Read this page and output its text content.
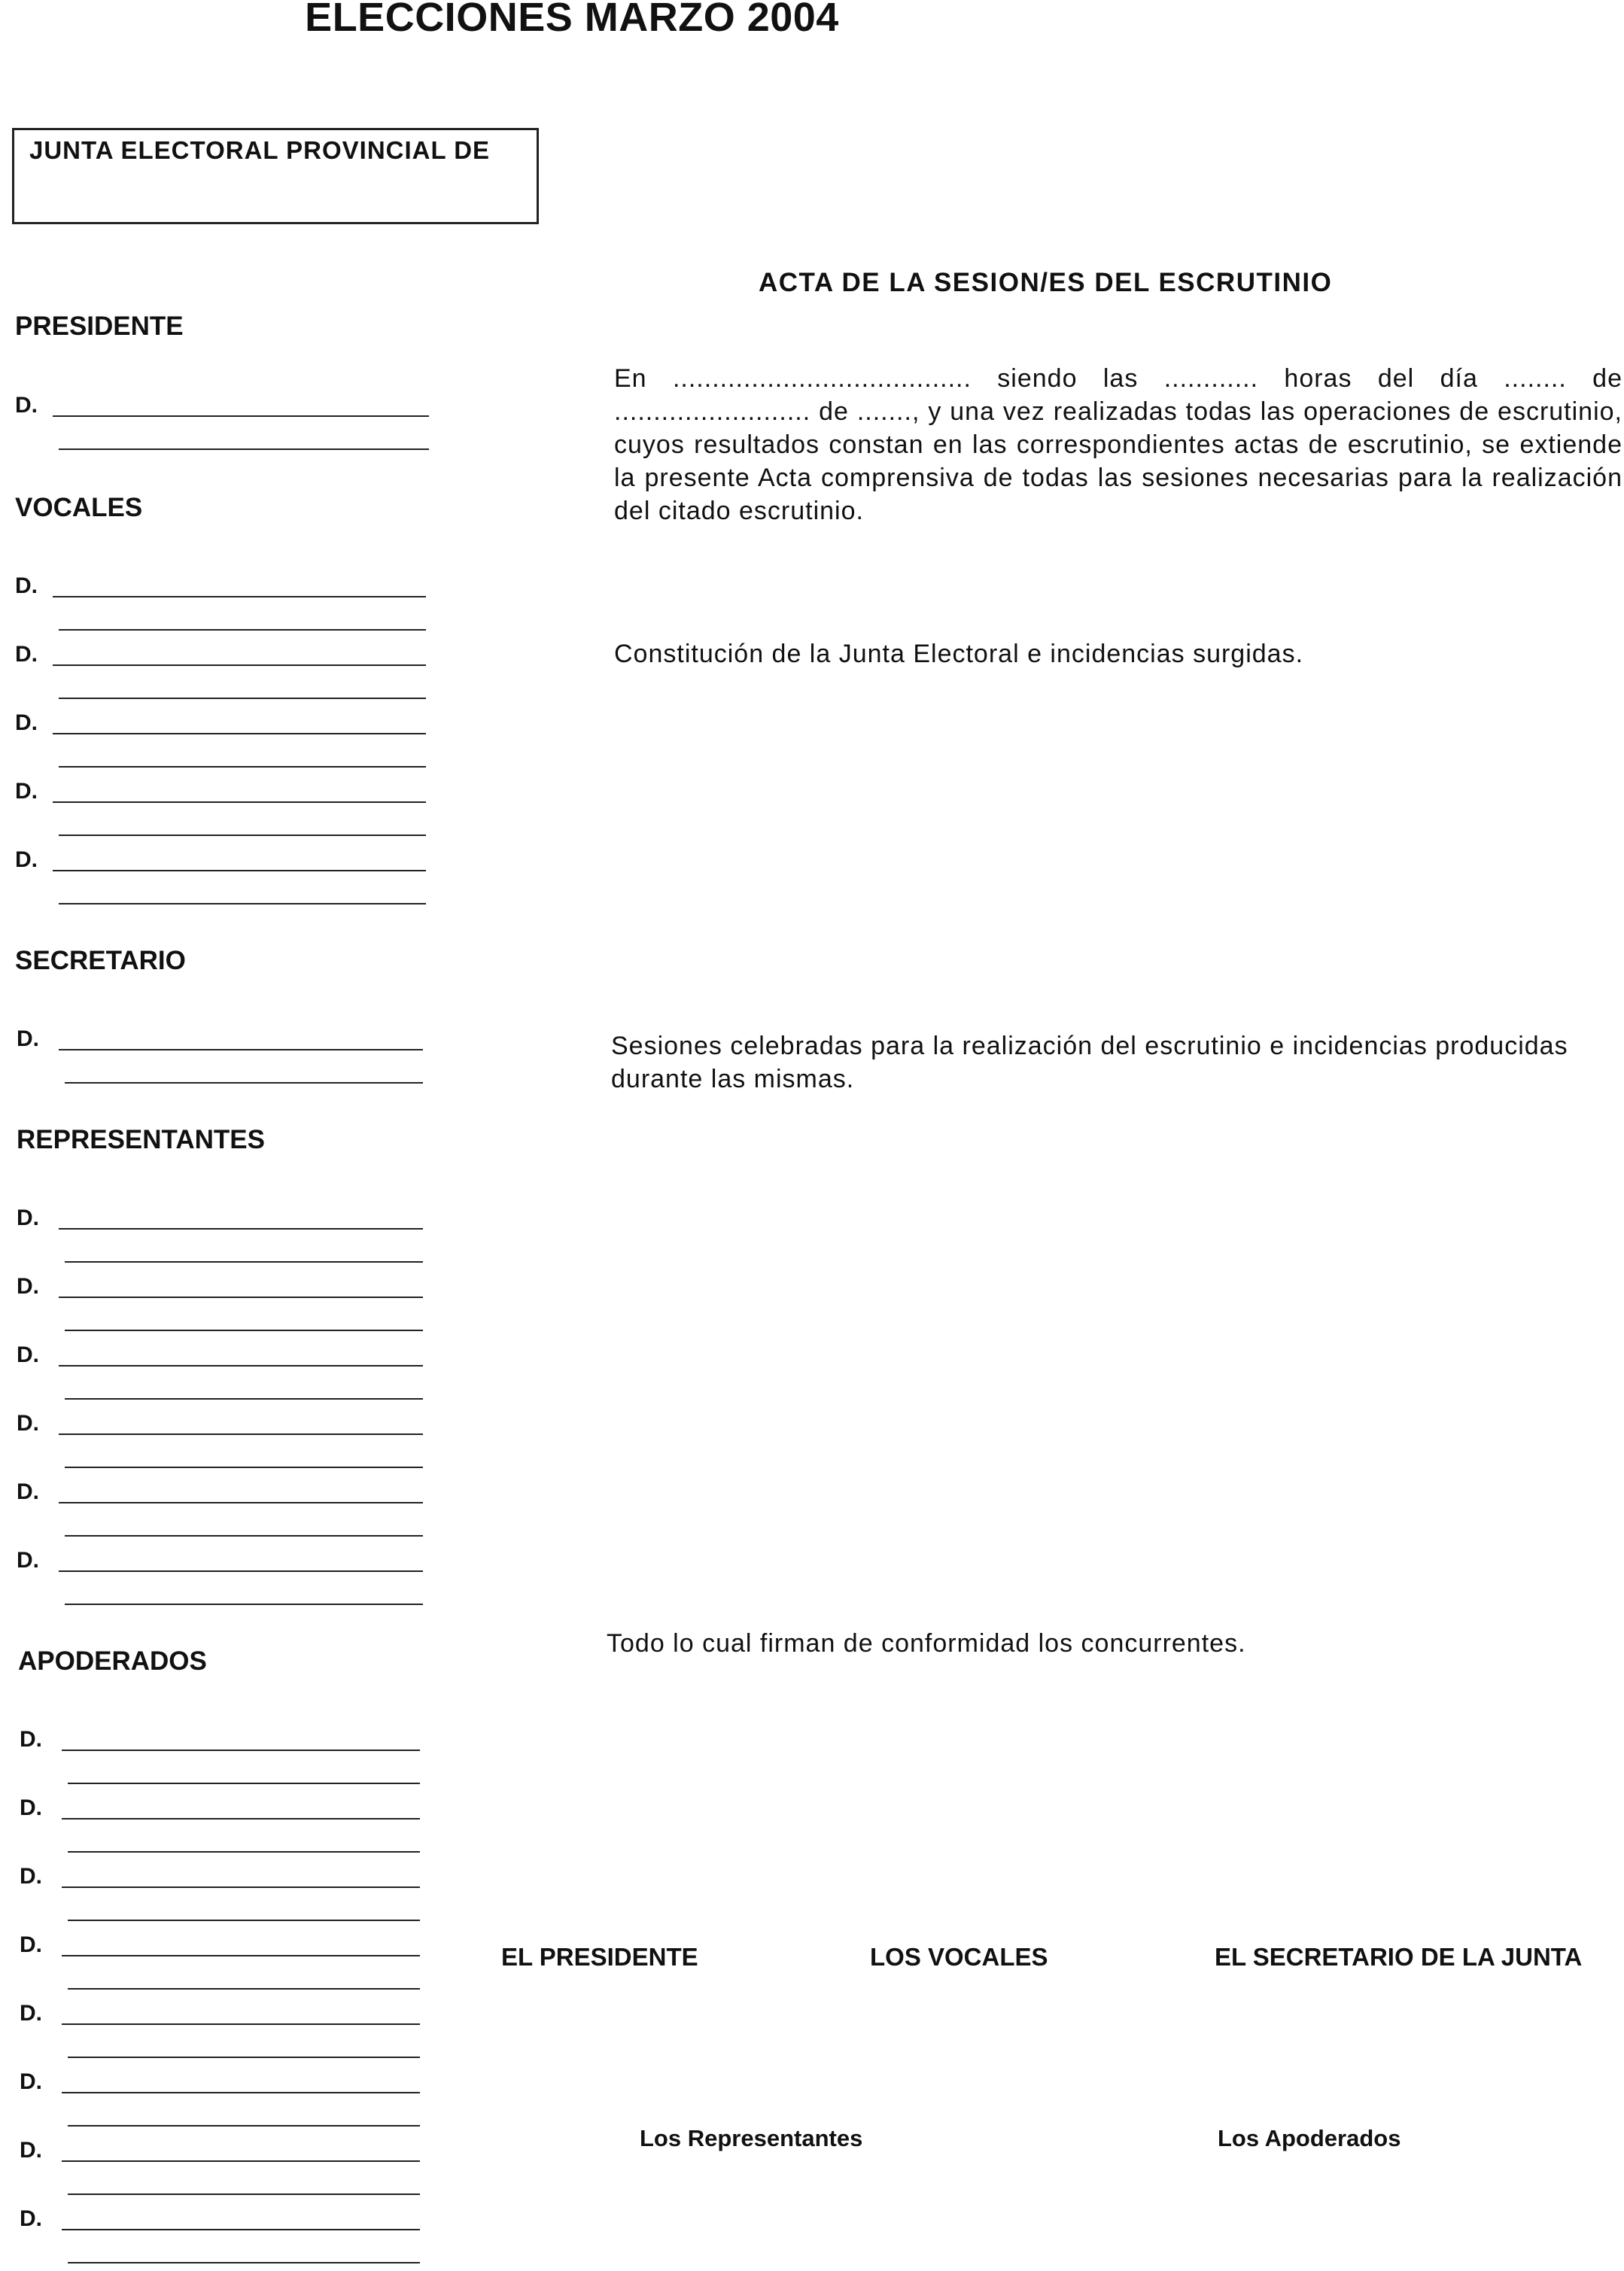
ELECCIONES MARZO 2004
JUNTA ELECTORAL PROVINCIAL DE
PRESIDENTE
D.
VOCALES
D.
D.
D.
D.
D.
SECRETARIO
D.
REPRESENTANTES
D.
D.
D.
D.
D.
D.
APODERADOS
D.
D.
D.
D.
D.
D.
D.
D.
ACTA DE LA SESION/ES DEL ESCRUTINIO
En ...................................... siendo las ............ horas del día ........ de ......................... de ......., y una vez realizadas todas las operaciones de escrutinio, cuyos resultados constan en las correspondientes actas de escrutinio, se extiende la presente Acta comprensiva de todas las sesiones necesarias para la realización del citado escrutinio.
Constitución de la Junta Electoral e incidencias surgidas.
Sesiones celebradas para la realización del escrutinio e incidencias producidas durante las mismas.
Todo lo cual firman de conformidad los concurrentes.
EL PRESIDENTE	LOS VOCALES	EL SECRETARIO DE LA JUNTA
Los Representantes	Los Apoderados
